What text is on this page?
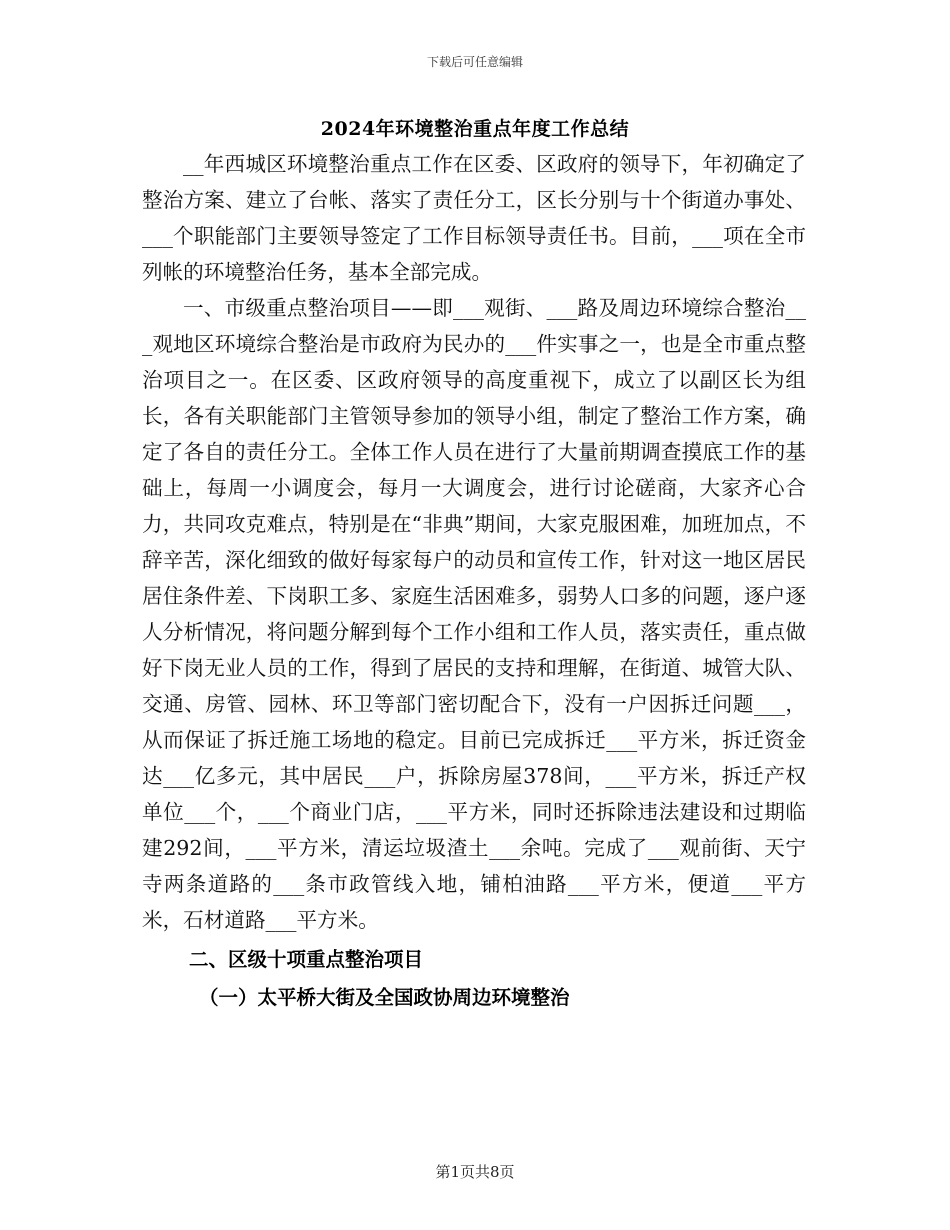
下载后可任意编辑
2024年环境整治重点年度工作总结

__年西城区环境整治重点工作在区委、区政府的领导下，年初确定了整治方案、建立了台帐、落实了责任分工，区长分别与十个街道办事处、___个职能部门主要领导签定了工作目标领导责任书。目前，___项在全市列帐的环境整治任务，基本全部完成。

一、市级重点整治项目——即___观街、___路及周边环境综合整治___观地区环境综合整治是市政府为民办的___件实事之一，也是全市重点整治项目之一。在区委、区政府领导的高度重视下，成立了以副区长为组长，各有关职能部门主管领导参加的领导小组，制定了整治工作方案，确定了各自的责任分工。全体工作人员在进行了大量前期调查摸底工作的基础上，每周一小调度会，每月一大调度会，进行讨论磋商，大家齐心合力，共同攻克难点，特别是在“非典”期间，大家克服困难，加班加点，不辞辛苦，深化细致的做好每家每户的动员和宣传工作，针对这一地区居民居住条件差、下岗职工多、家庭生活困难多，弱势人口多的问题，逐户逐人分析情况，将问题分解到每个工作小组和工作人员，落实责任，重点做好下岗无业人员的工作，得到了居民的支持和理解，在街道、城管大队、交通、房管、园林、环卫等部门密切配合下，没有一户因拆迁问题___，从而保证了拆迁施工场地的稳定。目前已完成拆迁___平方米，拆迁资金达___亿多元，其中居民___户，拆除房屋378间，___平方米，拆迁产权单位___个，___个商业门店，___平方米，同时还拆除违法建设和过期临建292间，___平方米，清运垃圾渣土___余吨。完成了___观前街、天宁寺两条道路的___条市政管线入地，铺柏油路___平方米，便道___平方米，石材道路___平方米。

二、区级十项重点整治项目

（一）太平桥大街及全国政协周边环境整治

第1页共8页
